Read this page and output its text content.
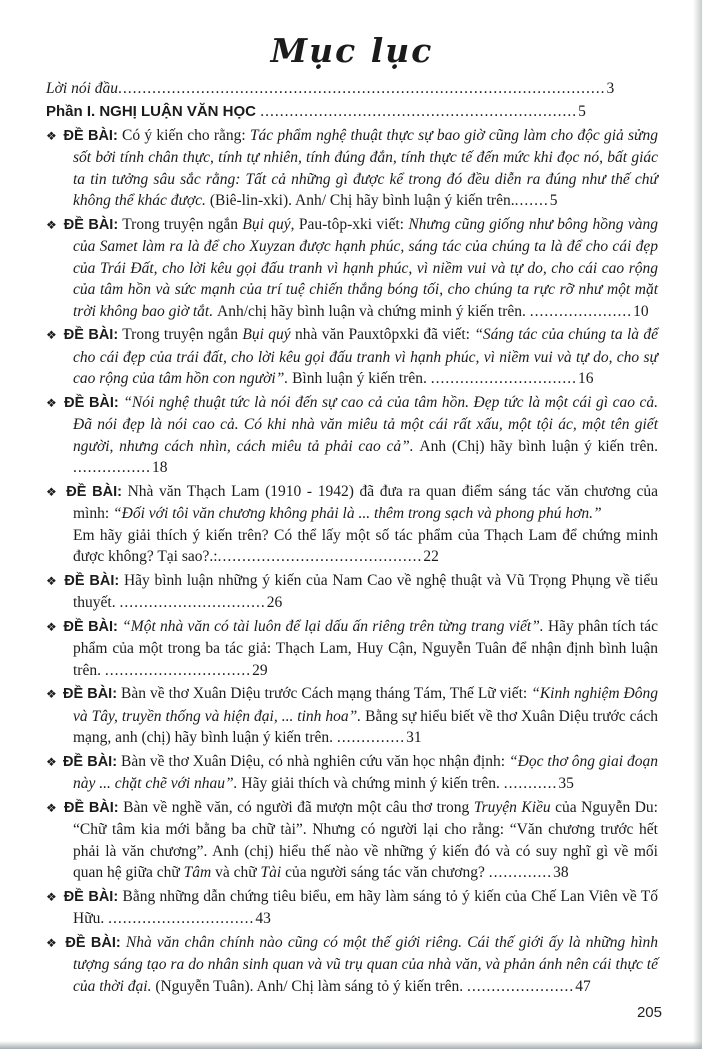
Mục lục
Lời nói đầu....................................................................................................3
Phần I. NGHỊ LUẬN VĂN HỌC .................................................................5
❖ ĐỀ BÀI: Có ý kiến cho rằng: Tác phẩm nghệ thuật thực sự bao giờ cũng làm cho độc giả sửng sốt bởi tính chân thực, tính tự nhiên, tính đúng đắn, tính thực tế đến mức khi đọc nó, bất giác ta tin tưởng sâu sắc rằng: Tất cả những gì được kể trong đó đều diễn ra đúng như thế chứ không thể khác được. (Biê-lin-xki). Anh/ Chị hãy bình luận ý kiến trên........5
❖ ĐỀ BÀI: Trong truyện ngắn Bụi quý, Pau-tôp-xki viết: Nhưng cũng giống như bông hồng vàng của Samet làm ra là để cho Xuyzan được hạnh phúc, sáng tác của chúng ta là để cho cái đẹp của Trái Đất, cho lời kêu gọi đấu tranh vì hạnh phúc, vì niềm vui và tự do, cho cái cao rộng của tâm hồn và sức mạnh của trí tuệ chiến thắng bóng tối, cho chúng ta rực rỡ như một mặt trời không bao giờ tắt. Anh/chị hãy bình luận và chứng minh ý kiến trên. .....................10
❖ ĐỀ BÀI: Trong truyện ngắn Bụi quý nhà văn Pauxtôpxki đã viết: “Sáng tác của chúng ta là để cho cái đẹp của trái đất, cho lời kêu gọi đấu tranh vì hạnh phúc, vì niềm vui và tự do, cho sự cao rộng của tâm hồn con người”. Bình luận ý kiến trên. ..............................16
❖ ĐỀ BÀI: “Nói nghệ thuật tức là nói đến sự cao cả của tâm hồn. Đẹp tức là một cái gì cao cả. Đã nói đẹp là nói cao cả. Có khi nhà văn miêu tả một cái rất xấu, một tội ác, một tên giết người, nhưng cách nhìn, cách miêu tả phải cao cả”. Anh (Chị) hãy bình luận ý kiến trên. ................18
❖ ĐỀ BÀI: Nhà văn Thạch Lam (1910 - 1942) đã đưa ra quan điểm sáng tác văn chương của mình: “Đối với tôi văn chương không phải là ... thêm trong sạch và phong phú hơn.”
Em hãy giải thích ý kiến trên? Có thể lấy một số tác phẩm của Thạch Lam để chứng minh được không? Tại sao?.:..........................................22
❖ ĐỀ BÀI: Hãy bình luận những ý kiến của Nam Cao về nghệ thuật và Vũ Trọng Phụng về tiểu thuyết. ..............................26
❖ ĐỀ BÀI: “Một nhà văn có tài luôn để lại dấu ấn riêng trên từng trang viết”. Hãy phân tích tác phẩm của một trong ba tác giả: Thạch Lam, Huy Cận, Nguyễn Tuân để nhận định bình luận trên. ..............................29
❖ ĐỀ BÀI: Bàn về thơ Xuân Diệu trước Cách mạng tháng Tám, Thế Lữ viết: “Kinh nghiệm Đông và Tây, truyền thống và hiện đại, ... tinh hoa”. Bằng sự hiểu biết về thơ Xuân Diệu trước cách mạng, anh (chị) hãy bình luận ý kiến trên. ..............31
❖ ĐỀ BÀI: Bàn về thơ Xuân Diệu, có nhà nghiên cứu văn học nhận định: “Đọc thơ ông giai đoạn này ... chặt chẽ với nhau”. Hãy giải thích và chứng minh ý kiến trên. ...........35
❖ ĐỀ BÀI: Bàn về nghề văn, có người đã mượn một câu thơ trong Truyện Kiều của Nguyễn Du: “Chữ tâm kia mới bằng ba chữ tài”. Nhưng có người lại cho rằng: “Văn chương trước hết phải là văn chương”. Anh (chị) hiểu thế nào về những ý kiến đó và có suy nghĩ gì về mối quan hệ giữa chữ Tâm và chữ Tài của người sáng tác văn chương? .............38
❖ ĐỀ BÀI: Bằng những dẫn chứng tiêu biểu, em hãy làm sáng tỏ ý kiến của Chế Lan Viên về Tố Hữu. ..............................43
❖ ĐỀ BÀI: Nhà văn chân chính nào cũng có một thế giới riêng. Cái thế giới ấy là những hình tượng sáng tạo ra do nhân sinh quan và vũ trụ quan của nhà văn, và phản ánh nên cái thực tế của thời đại. (Nguyễn Tuân). Anh/ Chị làm sáng tỏ ý kiến trên. ......................47
205
